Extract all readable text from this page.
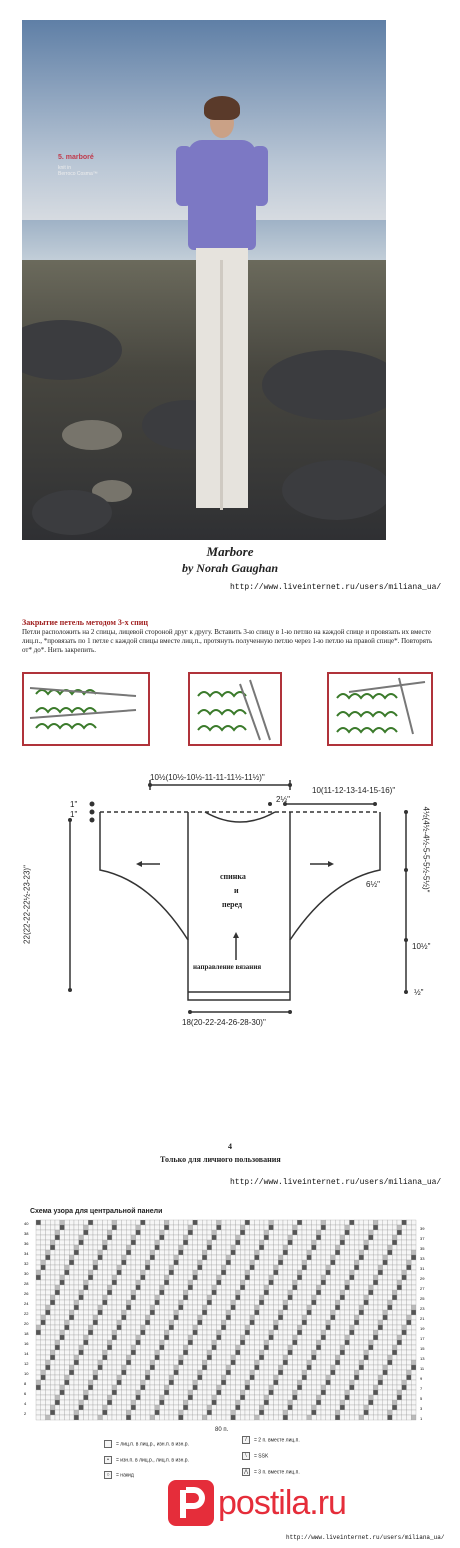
5. marboré
knit in
Berroco Cosma™
Marbore
by Norah Gaughan
http://www.liveinternet.ru/users/miliana_ua/
Закрытие петель методом 3-х спиц
Петли расположить на 2 спицы, лицевой стороной друг к другу. Вставить 3-ю спицу в 1-ю петлю на каждой спице и провязать их вместе лиц.п., *провязать по 1 петле с каждой спицы вместе лиц.п., протянуть полученную петлю через 1-ю петлю на правой спице*. Повторять от* до*. Нить закрепить.
10½(10½-10½-11-11-11½-11½)"
2½"
10(11-12-13-14-15-16)"
1"
1"
22(22-22-22½-23-23)"
4½(4½-4½-5-5-5½-5½)"
6½"
10½"
½"
спинка
и
перед
направление вязания
18(20-22-24-26-28-30)"
4
Только для личного пользования
http://www.liveinternet.ru/users/miliana_ua/
Схема узора для центральной панели
40
38
36
34
32
30
28
26
24
22
20
18
16
14
12
10
8
6
4
2
39
37
35
33
31
29
27
25
23
21
19
17
15
13
11
9
7
5
3
1
80 п.
= лиц.п. в лиц.р., изн.п. в изн.р.
• = изн.п. в лиц.р., лиц.п. в изн.р.
○ = накид
/ = 2 п. вместе лиц.п.
\ = SSK
⋀ = 3 п. вместе лиц.п.
postila.ru
http://www.liveinternet.ru/users/miliana_ua/
